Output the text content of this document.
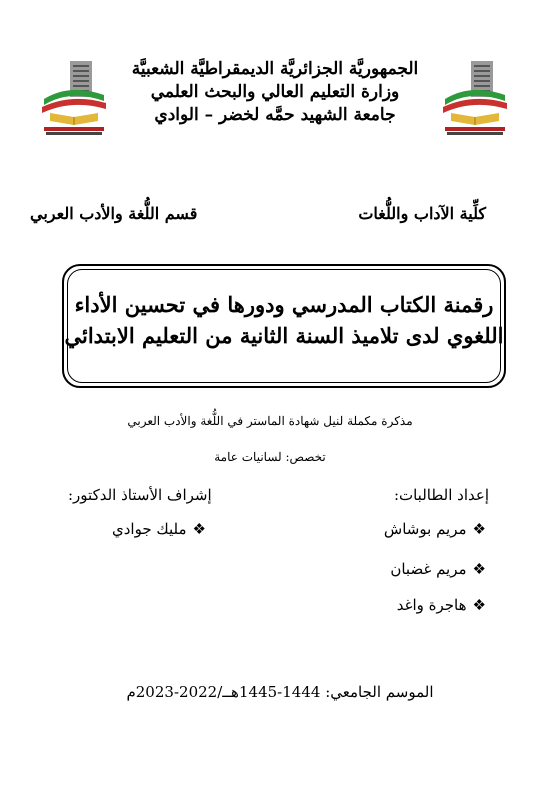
الجمهوريَّة الجزائريَّة الديمقراطيَّة الشعبيَّة
وزارة التعليم العالي والبحث العلمي
جامعة الشهيد حمَّه لخضر – الوادي
كلِّية الآداب واللُّغات
قسم اللُّغة والأدب العربي
رقمنة الكتاب المدرسي ودورها في تحسين الأداء
اللغوي لدى تلاميذ السنة الثانية من التعليم الابتدائي
مذكرة مكملة لنيل شهادة الماستر في اللُّغة والأدب العربي
تخصص: لسانيات عامة
إعداد الطالبات:
إشراف الأستاذ الدكتور:
❖
مريم بوشاش
❖
مريم غضبان
❖
هاجرة واغد
❖
مليك جوادي
الموسم الجامعي: 1444-1445هــ/2022-2023م
